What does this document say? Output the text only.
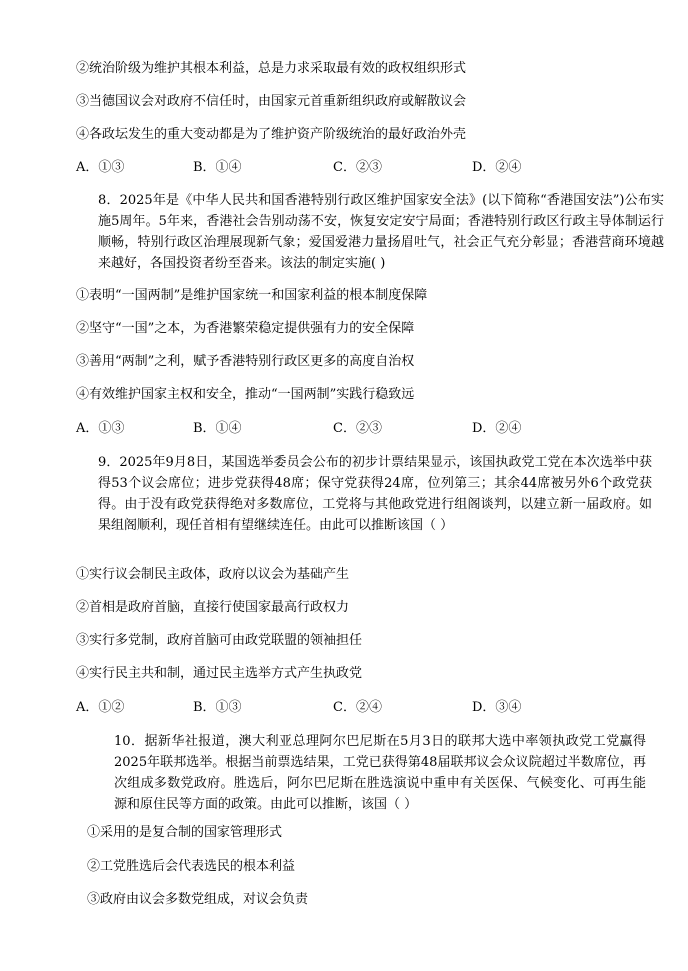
②统治阶级为维护其根本利益，总是力求采取最有效的政权组织形式
③当德国议会对政府不信任时，由国家元首重新组织政府或解散议会
④各政坛发生的重大变动都是为了维护资产阶级统治的最好政治外壳
A．①③	B．①④	C．②③	D．②④
8．2025年是《中华人民共和国香港特别行政区维护国家安全法》(以下简称“香港国安法”)公布实施5周年。5年来，香港社会告别动荡不安，恢复安定安宁局面；香港特别行政区行政主导体制运行顺畅，特别行政区治理展现新气象；爱国爱港力量扬眉吐气，社会正气充分彰显；香港营商环境越来越好，各国投资者纷至沓来。该法的制定实施( )
①表明“一国两制”是维护国家统一和国家利益的根本制度保障
②坚守“一国”之本，为香港繁荣稳定提供强有力的安全保障
③善用“两制”之利，赋予香港特别行政区更多的高度自治权
④有效维护国家主权和安全，推动“一国两制”实践行稳致远
A．①③	B．①④	C．②③	D．②④
9．2025年9月8日，某国选举委员会公布的初步计票结果显示，该国执政党工党在本次选举中获得53个议会席位；进步党获得48席；保守党获得24席，位列第三；其余44席被另外6个政党获得。由于没有政党获得绝对多数席位，工党将与其他政党进行组阁谈判，以建立新一届政府。如果组阁顺利，现任首相有望继续连任。由此可以推断该国（ ）
①实行议会制民主政体，政府以议会为基础产生
②首相是政府首脑，直接行使国家最高行政权力
③实行多党制，政府首脑可由政党联盟的领袖担任
④实行民主共和制，通过民主选举方式产生执政党
A．①②	B．①③	C．②④	D．③④
10．据新华社报道，澳大利亚总理阿尔巴尼斯在5月3日的联邦大选中率领执政党工党赢得2025年联邦选举。根据当前票选结果，工党已获得第48届联邦议会众议院超过半数席位，再次组成多数党政府。胜选后，阿尔巴尼斯在胜选演说中重申有关医保、气候变化、可再生能源和原住民等方面的政策。由此可以推断，该国（ ）
①采用的是复合制的国家管理形式
②工党胜选后会代表选民的根本利益
③政府由议会多数党组成，对议会负责
